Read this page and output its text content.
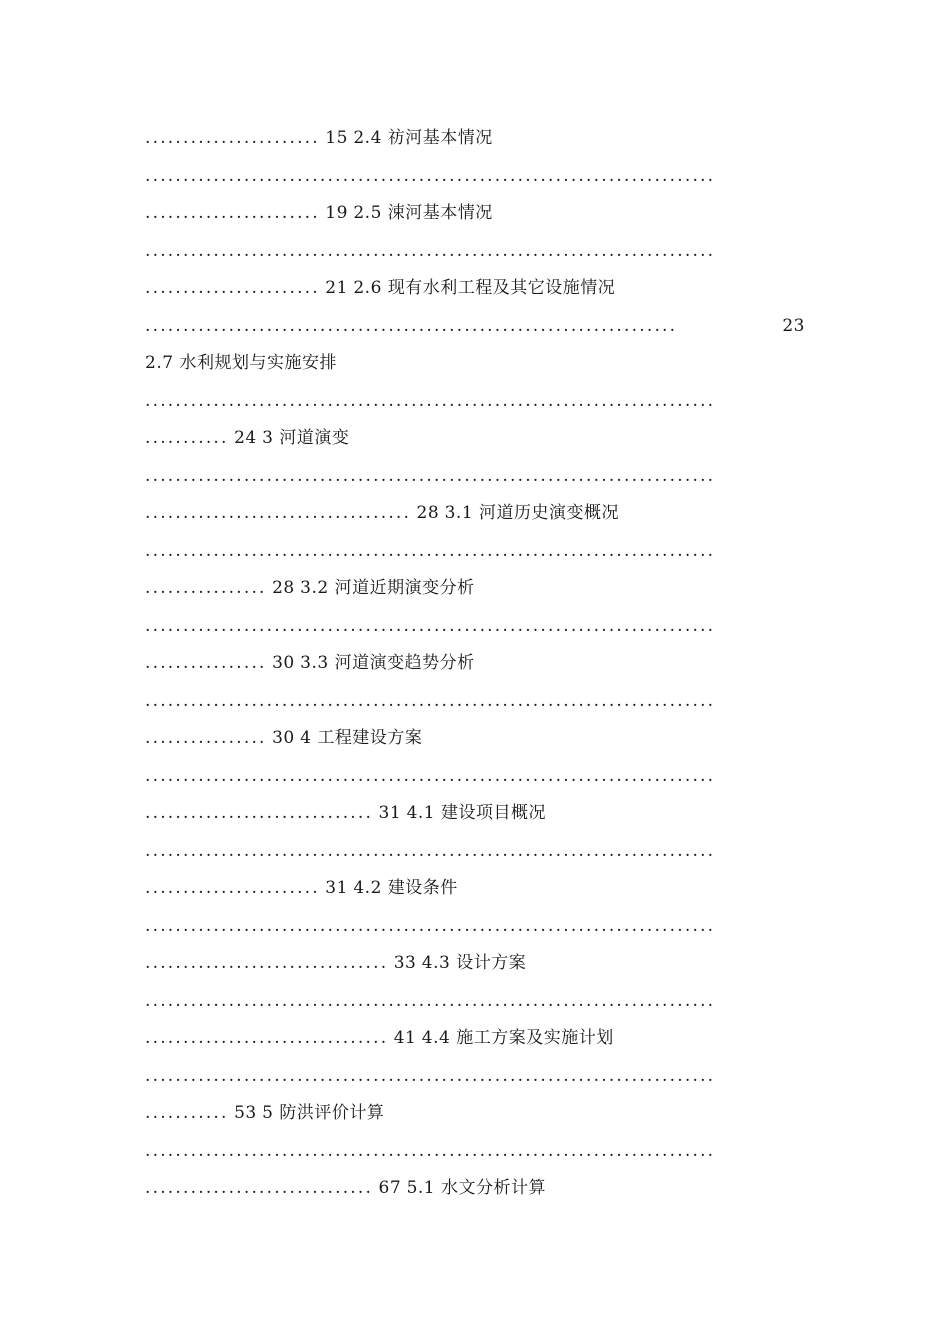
....................... 15 2.4 祊河基本情况
...........................................................................
....................... 19 2.5 涑河基本情况
...........................................................................
....................... 21 2.6 现有水利工程及其它设施情况
......................................................................	23
2.7 水利规划与实施安排
...........................................................................
........... 24 3 河道演变
...........................................................................
................................... 28 3.1 河道历史演变概况
...........................................................................
................ 28 3.2 河道近期演变分析
...........................................................................
................ 30 3.3 河道演变趋势分析
...........................................................................
................ 30 4 工程建设方案
...........................................................................
.............................. 31 4.1 建设项目概况
...........................................................................
....................... 31 4.2 建设条件
...........................................................................
................................ 33 4.3 设计方案
...........................................................................
................................ 41 4.4 施工方案及实施计划
...........................................................................
........... 53 5 防洪评价计算
...........................................................................
.............................. 67 5.1 水文分析计算
